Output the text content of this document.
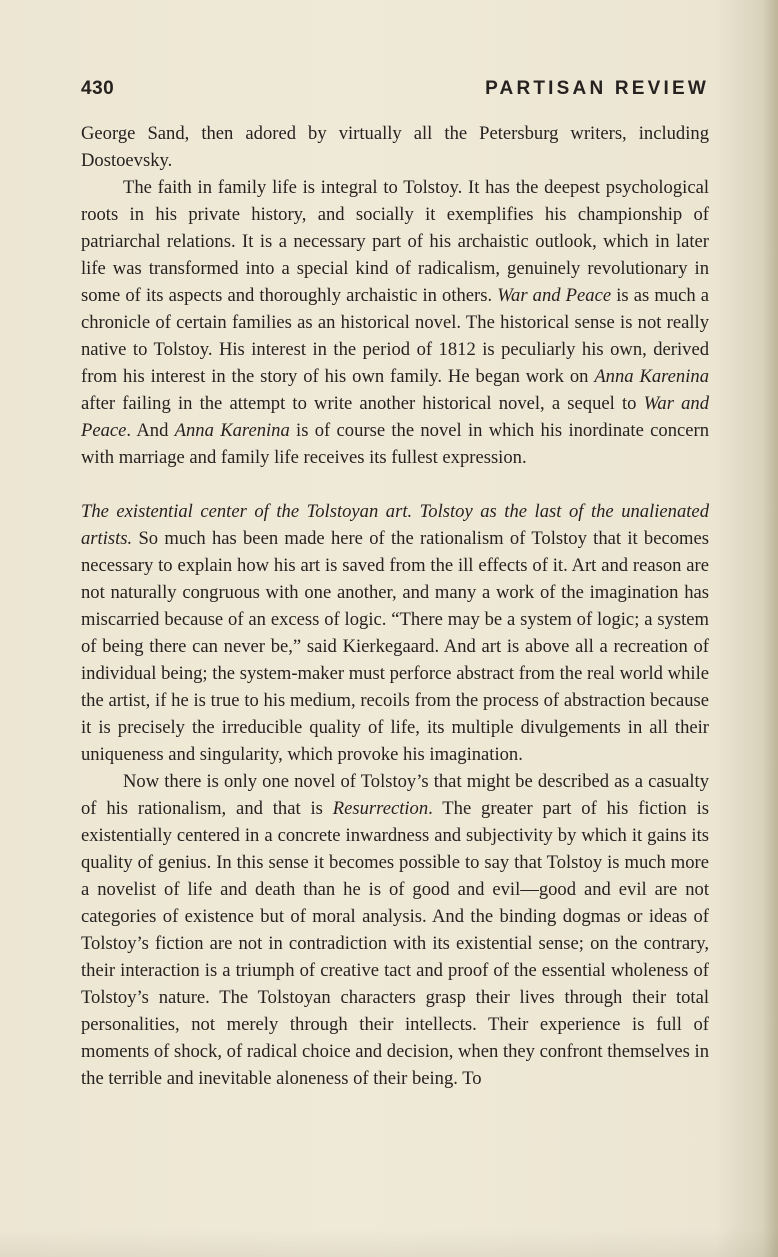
430	PARTISAN REVIEW

George Sand, then adored by virtually all the Petersburg writers, including Dostoevsky.

The faith in family life is integral to Tolstoy. It has the deepest psychological roots in his private history, and socially it exemplifies his championship of patriarchal relations. It is a necessary part of his archaistic outlook, which in later life was transformed into a special kind of radicalism, genuinely revolutionary in some of its aspects and thoroughly archaistic in others. War and Peace is as much a chronicle of certain families as an historical novel. The historical sense is not really native to Tolstoy. His interest in the period of 1812 is peculiarly his own, derived from his interest in the story of his own family. He began work on Anna Karenina after failing in the attempt to write another historical novel, a sequel to War and Peace. And Anna Karenina is of course the novel in which his inordinate concern with marriage and family life receives its fullest expression.

The existential center of the Tolstoyan art. Tolstoy as the last of the unalienated artists. So much has been made here of the rationalism of Tolstoy that it becomes necessary to explain how his art is saved from the ill effects of it. Art and reason are not naturally congruous with one another, and many a work of the imagination has miscarried because of an excess of logic. “There may be a system of logic; a system of being there can never be,” said Kierkegaard. And art is above all a recreation of individual being; the system-maker must perforce abstract from the real world while the artist, if he is true to his medium, recoils from the process of abstraction because it is precisely the irreducible quality of life, its multiple divulgements in all their uniqueness and singularity, which provoke his imagination.

Now there is only one novel of Tolstoy’s that might be described as a casualty of his rationalism, and that is Resurrection. The greater part of his fiction is existentially centered in a concrete inwardness and subjectivity by which it gains its quality of genius. In this sense it becomes possible to say that Tolstoy is much more a novelist of life and death than he is of good and evil—good and evil are not categories of existence but of moral analysis. And the binding dogmas or ideas of Tolstoy’s fiction are not in contradiction with its existential sense; on the contrary, their interaction is a triumph of creative tact and proof of the essential wholeness of Tolstoy’s nature. The Tolstoyan characters grasp their lives through their total personalities, not merely through their intellects. Their experience is full of moments of shock, of radical choice and decision, when they confront themselves in the terrible and inevitable aloneness of their being. To
